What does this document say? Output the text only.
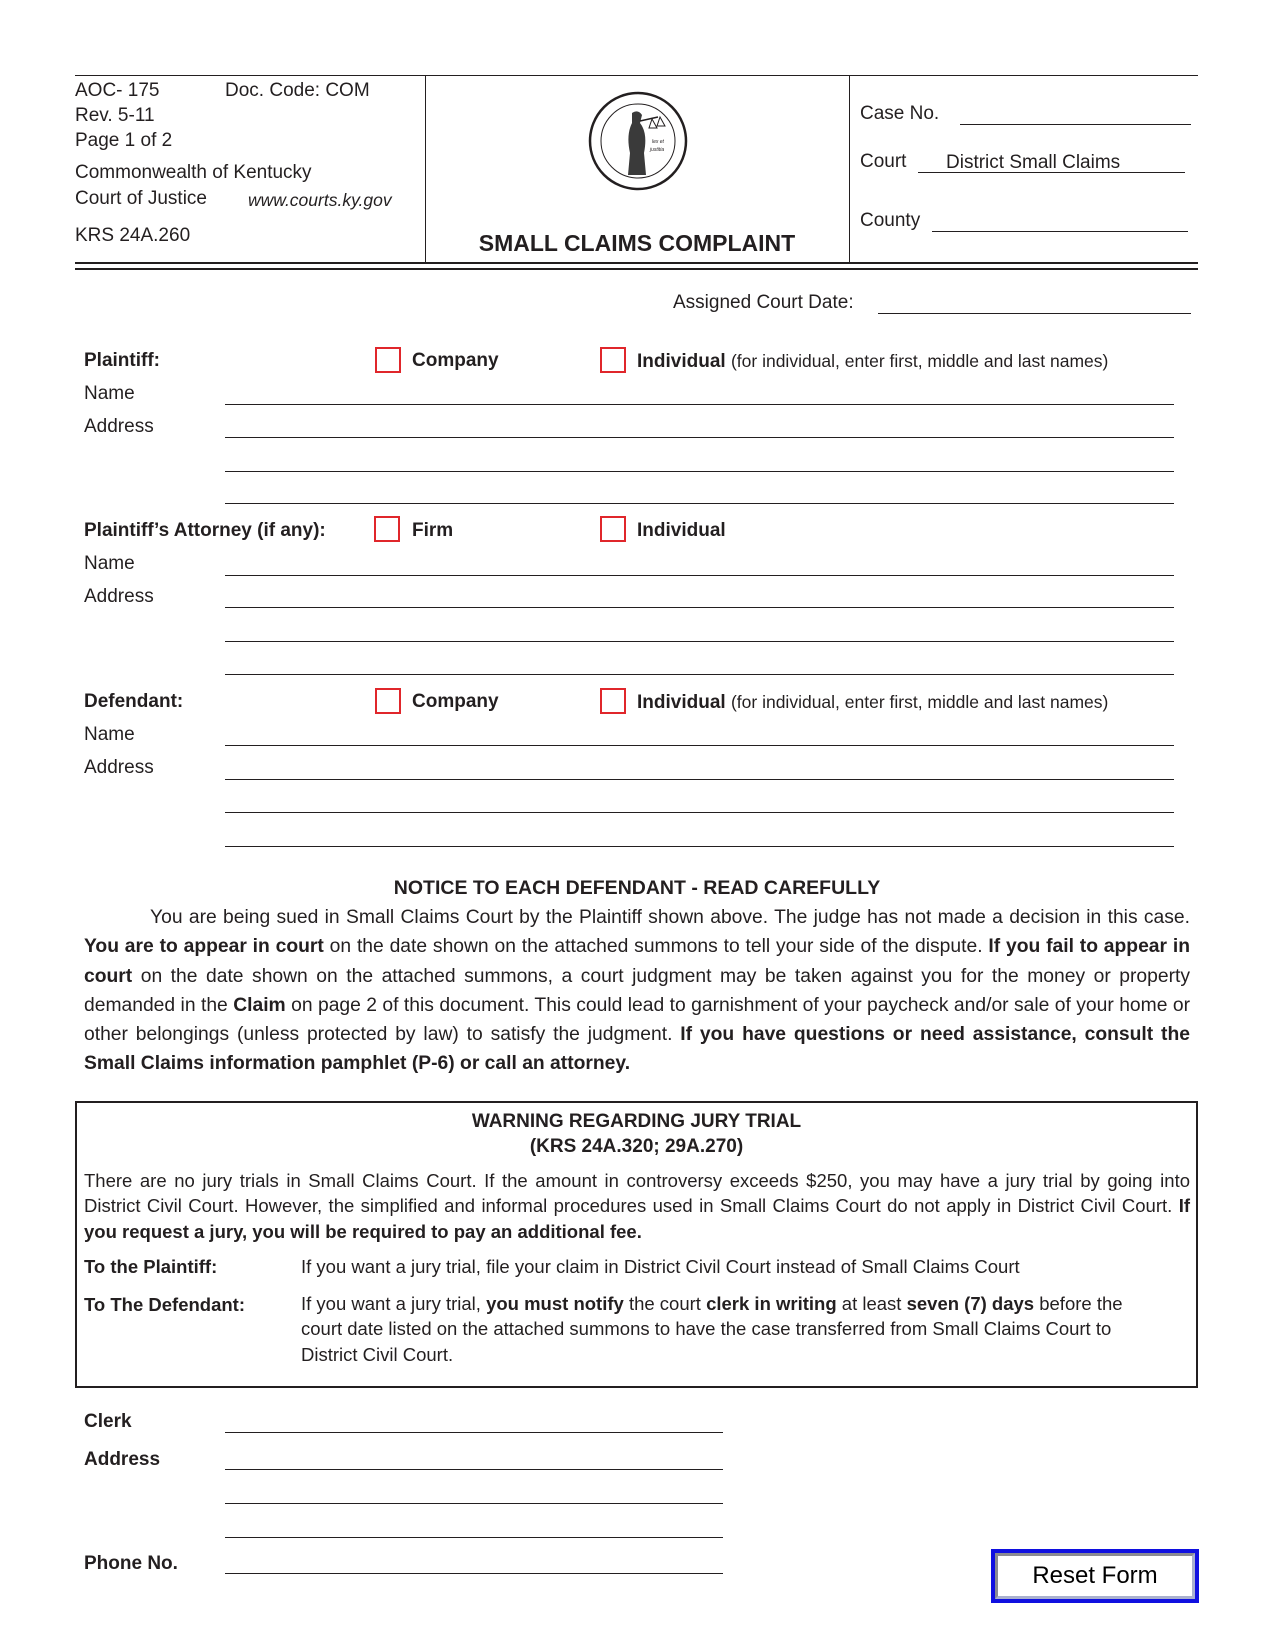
AOC- 175	Doc. Code: COM
Rev. 5-11
Page 1 of 2
Commonwealth of Kentucky
Court of Justice www.courts.ky.gov
KRS 24A.260
lex et
justitia
SMALL CLAIMS COMPLAINT
Case No.
Court District Small Claims
County
Assigned Court Date:
Plaintiff:	Company	Individual (for individual, enter first, middle and last names)
Name
Address
Plaintiff’s Attorney (if any):	Firm	Individual
Name
Address
Defendant:	Company	Individual (for individual, enter first, middle and last names)
Name
Address
NOTICE TO EACH DEFENDANT - READ CAREFULLY
You are being sued in Small Claims Court by the Plaintiff shown above. The judge has not made a decision in this case. You are to appear in court on the date shown on the attached summons to tell your side of the dispute. If you fail to appear in court on the date shown on the attached summons, a court judgment may be taken against you for the money or property demanded in the Claim on page 2 of this document. This could lead to garnishment of your paycheck and/or sale of your home or other belongings (unless protected by law) to satisfy the judgment. If you have questions or need assistance, consult the Small Claims information pamphlet (P-6) or call an attorney.
WARNING REGARDING JURY TRIAL
(KRS 24A.320; 29A.270)
There are no jury trials in Small Claims Court. If the amount in controversy exceeds $250, you may have a jury trial by going into District Civil Court. However, the simplified and informal procedures used in Small Claims Court do not apply in District Civil Court. If you request a jury, you will be required to pay an additional fee.
To the Plaintiff:	If you want a jury trial, file your claim in District Civil Court instead of Small Claims Court
To The Defendant:	If you want a jury trial, you must notify the court clerk in writing at least seven (7) days before the court date listed on the attached summons to have the case transferred from Small Claims Court to District Civil Court.
Clerk
Address
Phone No.	Reset Form
